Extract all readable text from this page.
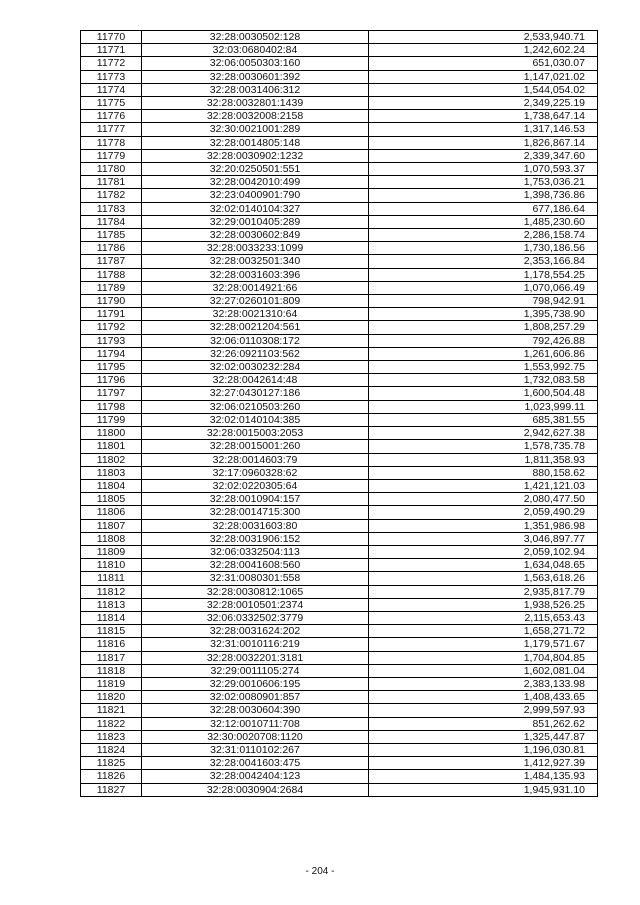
11770	32:28:0030502:128	2,533,940.71
11771	32:03:0680402:84	1,242,602.24
11772	32:06:0050303:160	651,030.07
11773	32:28:0030601:392	1,147,021.02
11774	32:28:0031406:312	1,544,054.02
11775	32:28:0032801:1439	2,349,225.19
11776	32:28:0032008:2158	1,738,647.14
11777	32:30:0021001:289	1,317,146.53
11778	32:28:0014805:148	1,826,867.14
11779	32:28:0030902:1232	2,339,347.60
11780	32:20:0250501:551	1,070,593.37
11781	32:28:0042010:499	1,753,036.21
11782	32:23:0400901:790	1,398,736.86
11783	32:02:0140104:327	677,186.64
11784	32:29:0010405:289	1,485,230.60
11785	32:28:0030602:849	2,286,158.74
11786	32:28:0033233:1099	1,730,186.56
11787	32:28:0032501:340	2,353,166.84
11788	32:28:0031603:396	1,178,554.25
11789	32:28:0014921:66	1,070,066.49
11790	32:27:0260101:809	798,942.91
11791	32:28:0021310:64	1,395,738.90
11792	32:28:0021204:561	1,808,257.29
11793	32:06:0110308:172	792,426.88
11794	32:26:0921103:562	1,261,606.86
11795	32:02:0030232:284	1,553,992.75
11796	32:28:0042614:48	1,732,083.58
11797	32:27:0430127:186	1,600,504.48
11798	32:06:0210503:260	1,023,999.11
11799	32:02:0140104:385	685,381.55
11800	32:28:0015003:2053	2,942,627.38
11801	32:28:0015001:260	1,578,735.78
11802	32:28:0014603:79	1,811,358.93
11803	32:17:0960328:62	880,158.62
11804	32:02:0220305:64	1,421,121.03
11805	32:28:0010904:157	2,080,477.50
11806	32:28:0014715:300	2,059,490.29
11807	32:28:0031603:80	1,351,986.98
11808	32:28:0031906:152	3,046,897.77
11809	32:06:0332504:113	2,059,102.94
11810	32:28:0041608:560	1,634,048.65
11811	32:31:0080301:558	1,563,618.26
11812	32:28:0030812:1065	2,935,817.79
11813	32:28:0010501:2374	1,938,526.25
11814	32:06:0332502:3779	2,115,653.43
11815	32:28:0031624:202	1,658,271.72
11816	32:31:0010116:219	1,179,571.67
11817	32:28:0032201:3181	1,704,804.85
11818	32:29:0011105:274	1,602,081.04
11819	32:29:0010606:195	2,383,133.98
11820	32:02:0080901:857	1,408,433.65
11821	32:28:0030604:390	2,999,597.93
11822	32:12:0010711:708	851,262.62
11823	32:30:0020708:1120	1,325,447.87
11824	32:31:0110102:267	1,196,030.81
11825	32:28:0041603:475	1,412,927.39
11826	32:28:0042404:123	1,484,135.93
11827	32:28:0030904:2684	1,945,931.10
- 204 -
